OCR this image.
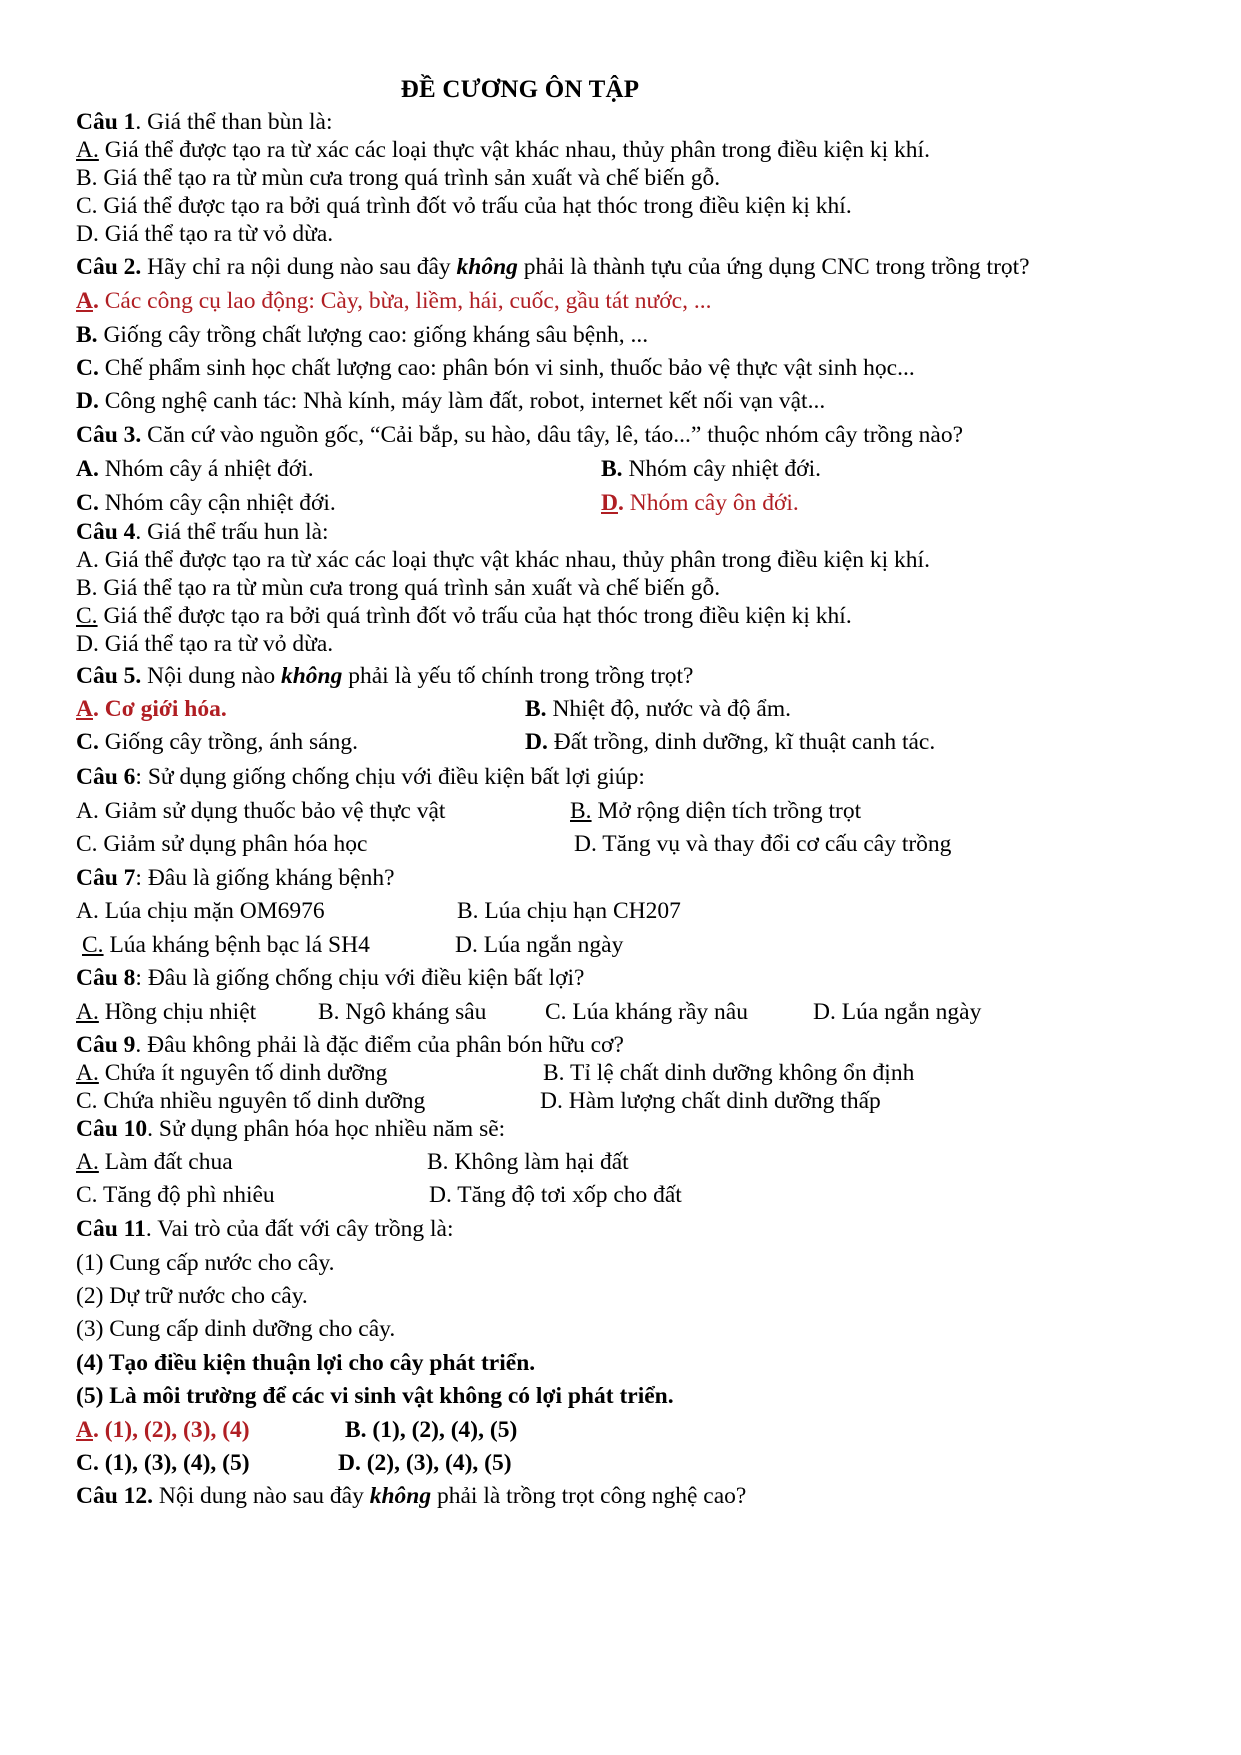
ĐỀ CƯƠNG ÔN TẬP
Câu 1. Giá thể than bùn là:
A. Giá thể được tạo ra từ xác các loại thực vật khác nhau, thủy phân trong điều kiện kị khí.
B. Giá thể tạo ra từ mùn cưa trong quá trình sản xuất và chế biến gỗ.
C. Giá thể được tạo ra bởi quá trình đốt vỏ trấu của hạt thóc trong điều kiện kị khí.
D. Giá thể tạo ra từ vỏ dừa.
Câu 2. Hãy chỉ ra nội dung nào sau đây không phải là thành tựu của ứng dụng CNC trong trồng trọt?
A. Các công cụ lao động: Cày, bừa, liềm, hái, cuốc, gầu tát nước, ...
B. Giống cây trồng chất lượng cao: giống kháng sâu bệnh, ...
C. Chế phẩm sinh học chất lượng cao: phân bón vi sinh, thuốc bảo vệ thực vật sinh học...
D. Công nghệ canh tác: Nhà kính, máy làm đất, robot, internet kết nối vạn vật...
Câu 3. Căn cứ vào nguồn gốc, “Cải bắp, su hào, dâu tây, lê, táo...” thuộc nhóm cây trồng nào?
A. Nhóm cây á nhiệt đới.	B. Nhóm cây nhiệt đới.
C. Nhóm cây cận nhiệt đới.	D. Nhóm cây ôn đới.
Câu 4. Giá thể trấu hun là:
A. Giá thể được tạo ra từ xác các loại thực vật khác nhau, thủy phân trong điều kiện kị khí.
B. Giá thể tạo ra từ mùn cưa trong quá trình sản xuất và chế biến gỗ.
C. Giá thể được tạo ra bởi quá trình đốt vỏ trấu của hạt thóc trong điều kiện kị khí.
D. Giá thể tạo ra từ vỏ dừa.
Câu 5. Nội dung nào không phải là yếu tố chính trong trồng trọt?
A. Cơ giới hóa.	B. Nhiệt độ, nước và độ ẩm.
C. Giống cây trồng, ánh sáng.	D. Đất trồng, dinh dưỡng, kĩ thuật canh tác.
Câu 6: Sử dụng giống chống chịu với điều kiện bất lợi giúp:
A. Giảm sử dụng thuốc bảo vệ thực vật	B. Mở rộng diện tích trồng trọt
C. Giảm sử dụng phân hóa học	D. Tăng vụ và thay đổi cơ cấu cây trồng
Câu 7: Đâu là giống kháng bệnh?
A. Lúa chịu mặn OM6976	B. Lúa chịu hạn CH207
C. Lúa kháng bệnh bạc lá SH4	D. Lúa ngắn ngày
Câu 8: Đâu là giống chống chịu với điều kiện bất lợi?
A. Hồng chịu nhiệt	B. Ngô kháng sâu C. Lúa kháng rầy nâu	D. Lúa ngắn ngày
Câu 9. Đâu không phải là đặc điểm của phân bón hữu cơ?
A. Chứa ít nguyên tố dinh dưỡng	B. Tỉ lệ chất dinh dưỡng không ổn định
C. Chứa nhiều nguyên tố dinh dưỡng	D. Hàm lượng chất dinh dưỡng thấp
Câu 10. Sử dụng phân hóa học nhiều năm sẽ:
A. Làm đất chua	B. Không làm hại đất
C. Tăng độ phì nhiêu	D. Tăng độ tơi xốp cho đất
Câu 11. Vai trò của đất với cây trồng là:
(1) Cung cấp nước cho cây.
(2) Dự trữ nước cho cây.
(3) Cung cấp dinh dưỡng cho cây.
(4) Tạo điều kiện thuận lợi cho cây phát triển.
(5) Là môi trường để các vi sinh vật không có lợi phát triển.
A. (1), (2), (3), (4)	B. (1), (2), (4), (5)
C. (1), (3), (4), (5)	D. (2), (3), (4), (5)
Câu 12. Nội dung nào sau đây không phải là trồng trọt công nghệ cao?
